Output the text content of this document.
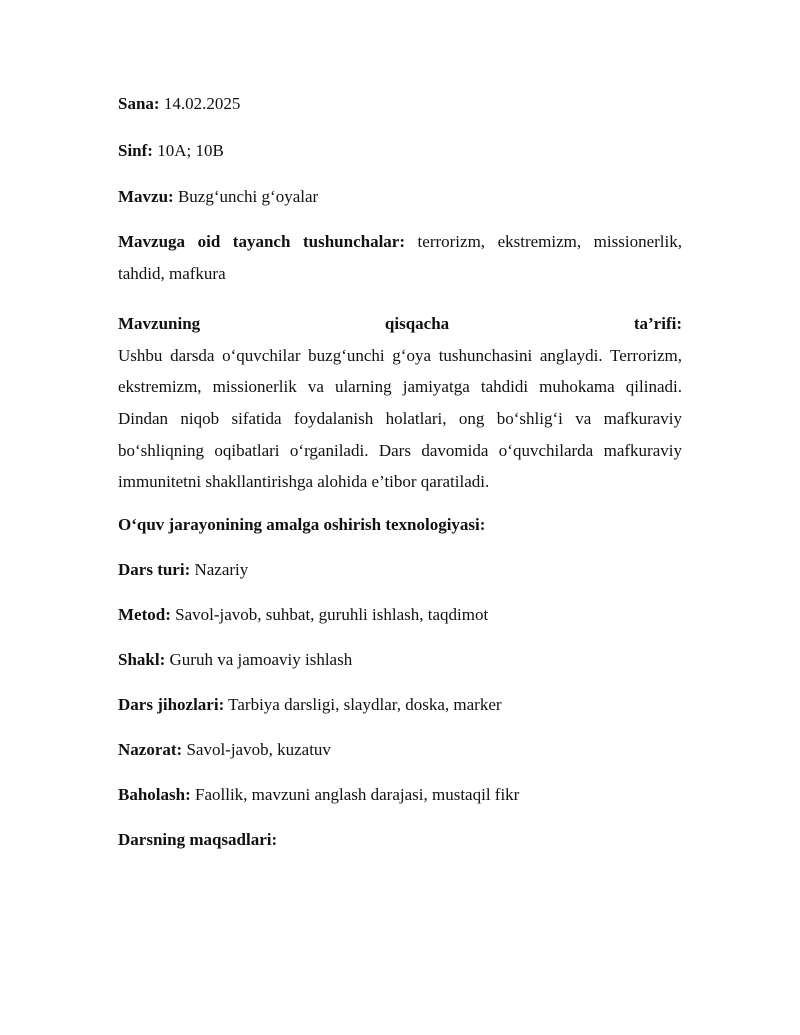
Sana: 14.02.2025

Sinf: 10A; 10B

Mavzu: Buzg‘unchi g‘oyalar

Mavzuga oid tayanch tushunchalar: terrorizm, ekstremizm, missionerlik, tahdid, mafkura

Mavzuning qisqacha ta’rifi:

Ushbu darsda o‘quvchilar buzg‘unchi g‘oya tushunchasini anglaydi. Terrorizm, ekstremizm, missionerlik va ularning jamiyatga tahdidi muhokama qilinadi. Dindan niqob sifatida foydalanish holatlari, ong bo‘shlig‘i va mafkuraviy bo‘shliqning oqibatlari o‘rganiladi. Dars davomida o‘quvchilarda mafkuraviy immunitetni shakllantirishga alohida e’tibor qaratiladi.

O‘quv jarayonining amalga oshirish texnologiyasi:

Dars turi: Nazariy

Metod: Savol-javob, suhbat, guruhli ishlash, taqdimot

Shakl: Guruh va jamoaviy ishlash

Dars jihozlari: Tarbiya darsligi, slaydlar, doska, marker

Nazorat: Savol-javob, kuzatuv

Baholash: Faollik, mavzuni anglash darajasi, mustaqil fikr

Darsning maqsadlari:
